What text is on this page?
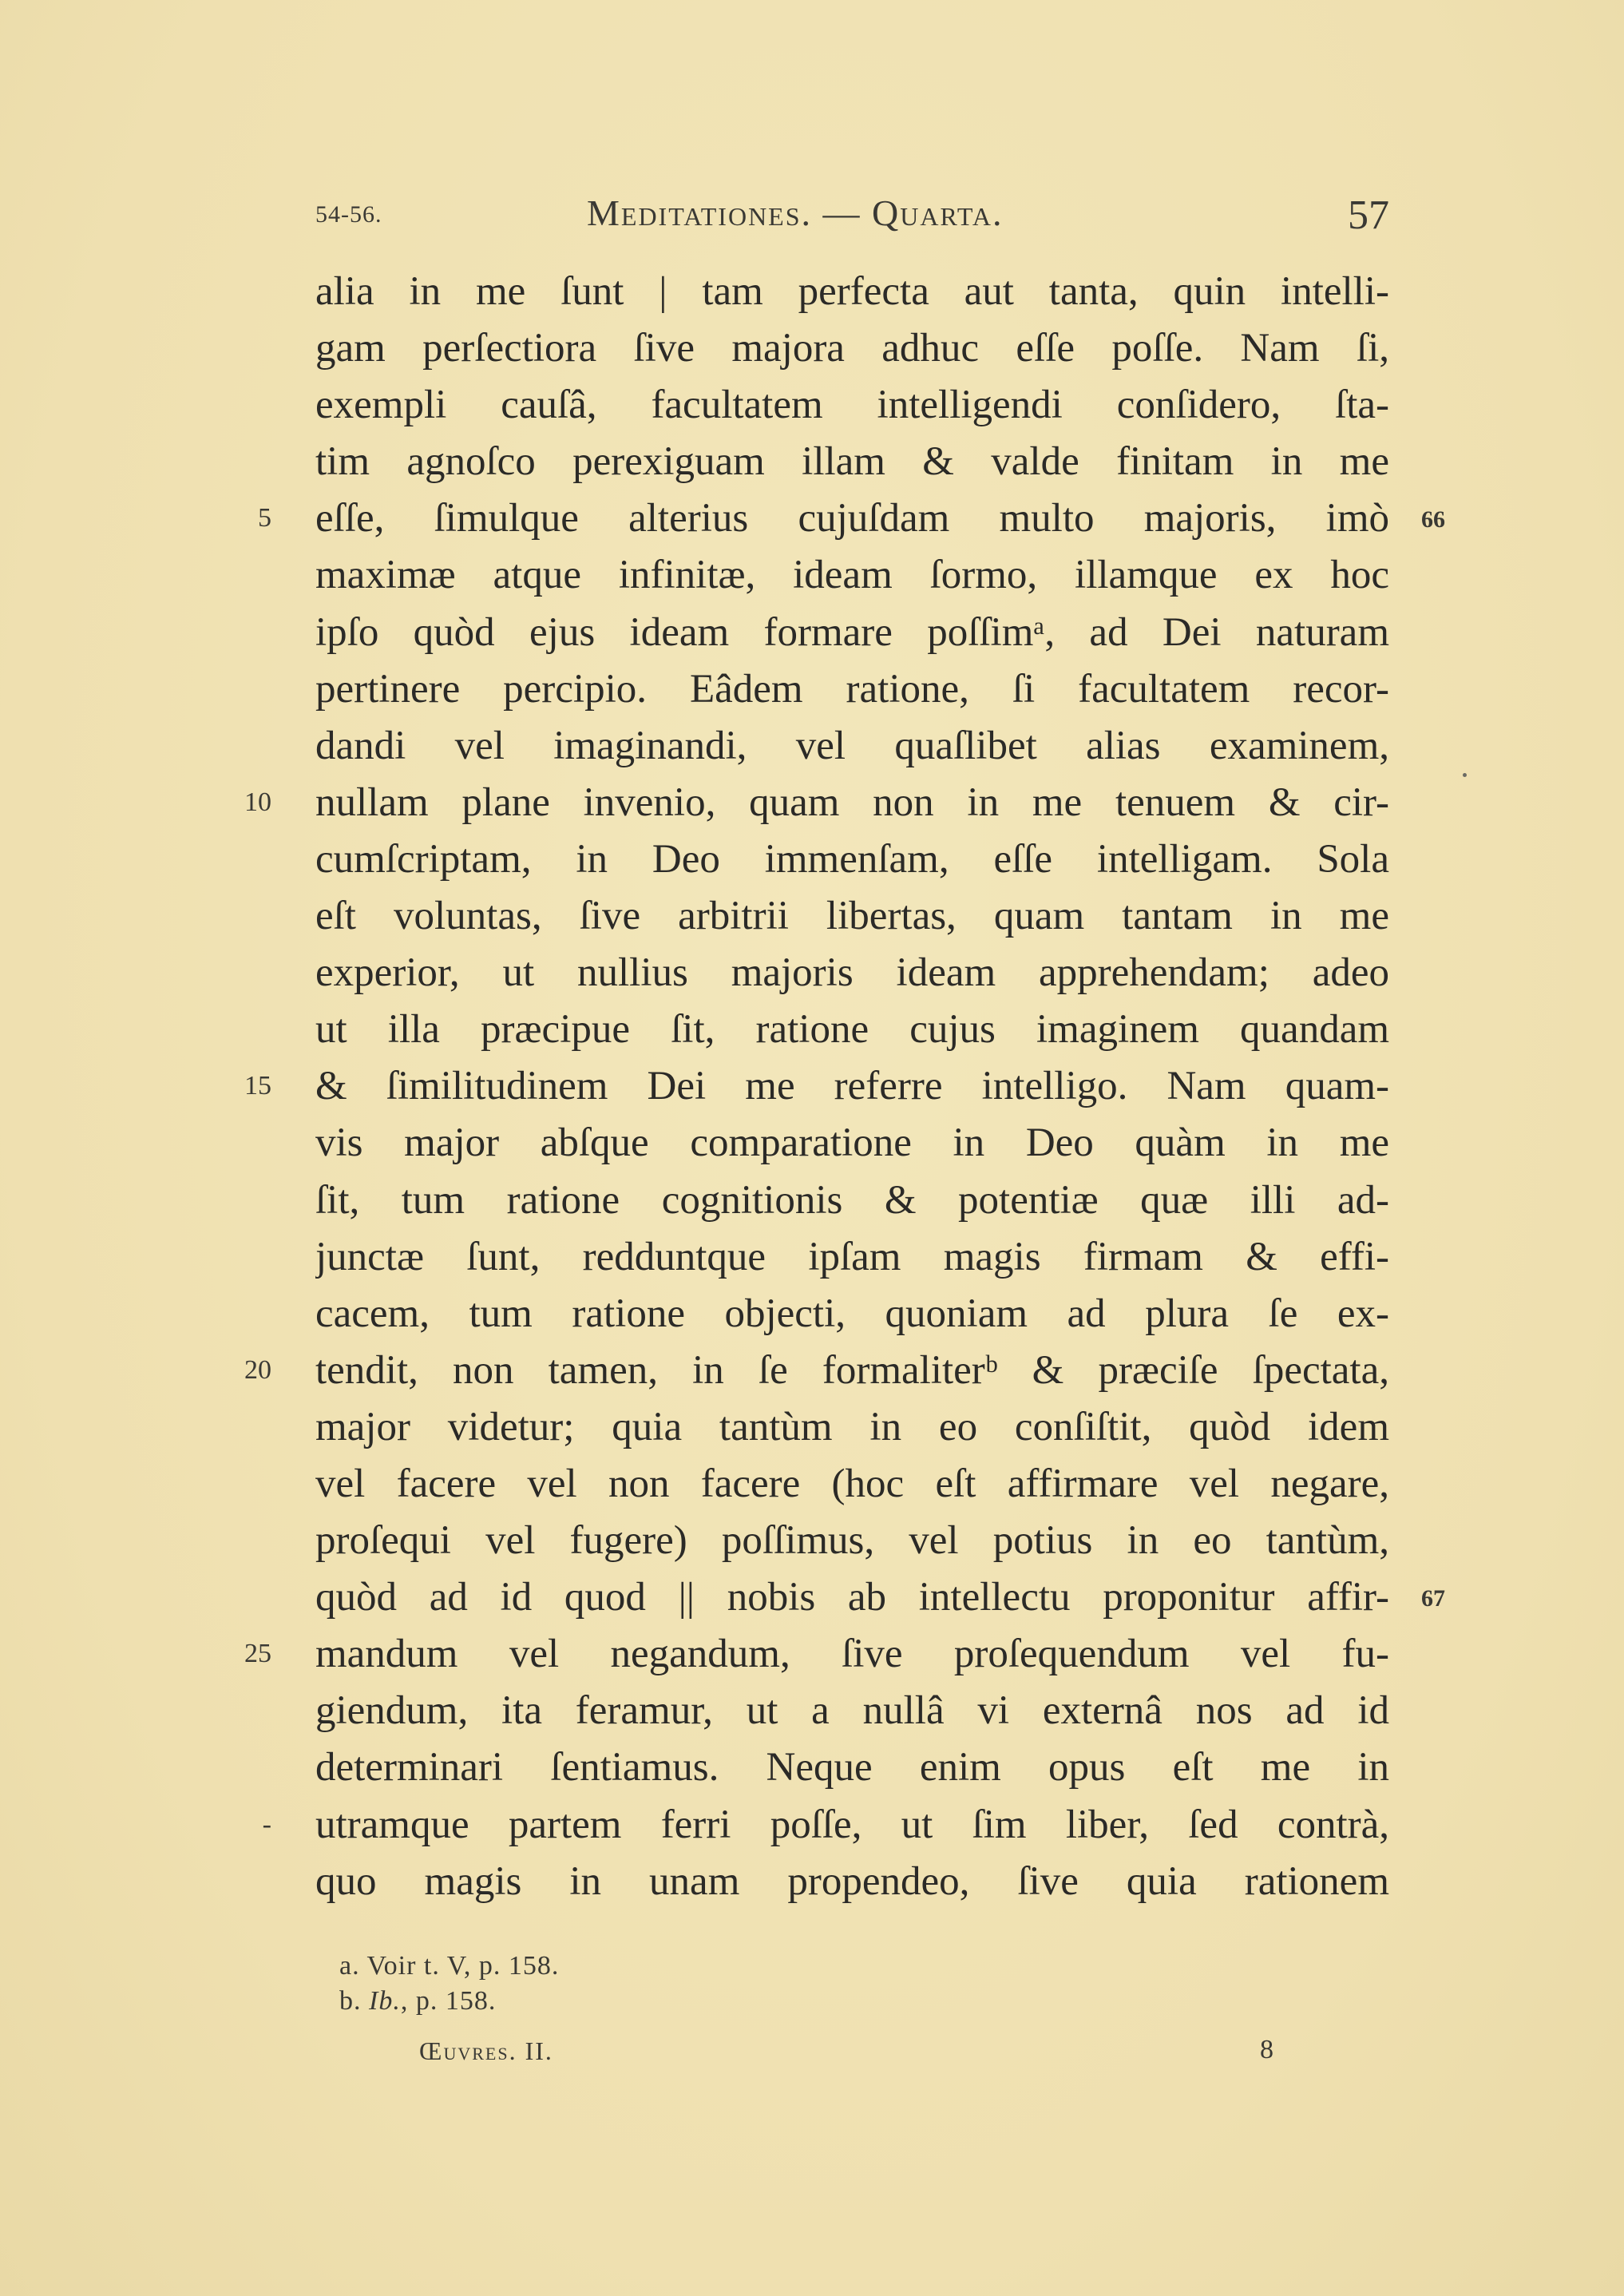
54-56.	Meditationes. — Quarta.	57
5
10
15
20
25
-
alia in me ſunt | tam perfecta aut tanta, quin intelli-
gam perſectiora ſive majora adhuc eſſe poſſe. Nam ſi,
exempli cauſâ, facultatem intelligendi conſidero, ſta-
tim agnoſco perexiguam illam & valde finitam in me
eſſe, ſimulque alterius cujuſdam multo majoris, imò
maximæ atque infinitæ, ideam ſormo, illamque ex hoc
ipſo quòd ejus ideam formare poſſimᵃ, ad Dei naturam
pertinere percipio. Eâdem ratione, ſi facultatem recor-
dandi vel imaginandi, vel quaſlibet alias examinem,
nullam plane invenio, quam non in me tenuem & cir-
cumſcriptam, in Deo immenſam, eſſe intelligam. Sola
eſt voluntas, ſive arbitrii libertas, quam tantam in me
experior, ut nullius majoris ideam apprehendam; adeo
ut illa præcipue ſit, ratione cujus imaginem quandam
& ſimilitudinem Dei me referre intelligo. Nam quam-
vis major abſque comparatione in Deo quàm in me
ſit, tum ratione cognitionis & potentiæ quæ illi ad-
junctæ ſunt, redduntque ipſam magis firmam & effi-
cacem, tum ratione objecti, quoniam ad plura ſe ex-
tendit, non tamen, in ſe formaliterᵇ & præciſe ſpectata,
major videtur; quia tantùm in eo conſiſtit, quòd idem
vel facere vel non facere (hoc eſt affirmare vel negare,
proſequi vel fugere) poſſimus, vel potius in eo tantùm,
quòd ad id quod || nobis ab intellectu proponitur affir-
mandum vel negandum, ſive proſequendum vel fu-
giendum, ita feramur, ut a nullâ vi externâ nos ad id
determinari ſentiamus. Neque enim opus eſt me in
utramque partem ferri poſſe, ut ſim liber, ſed contrà,
quo magis in unam propendeo, ſive quia rationem
66
67
a. Voir t. V, p. 158.
b. Ib., p. 158.
Œuvres. II.	8
